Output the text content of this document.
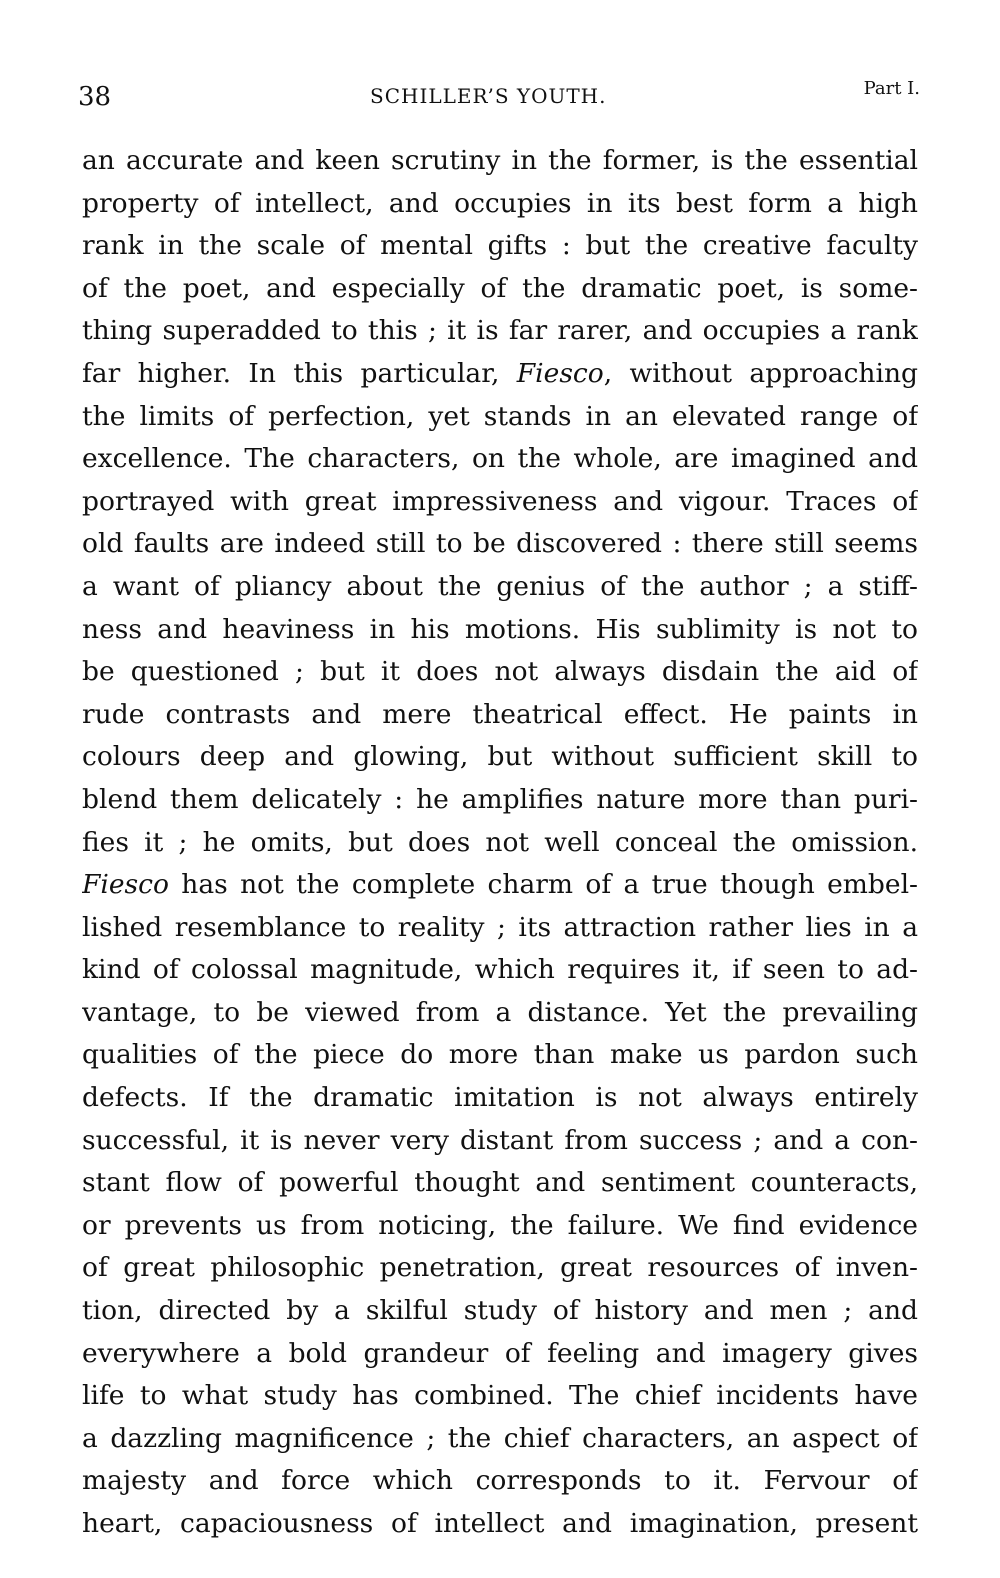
38	SCHILLER’S YOUTH.	Part I.
an accurate and keen scrutiny in the former, is the essential
property of intellect, and occupies in its best form a high
rank in the scale of mental gifts : but the creative faculty
of the poet, and especially of the dramatic poet, is some-
thing superadded to this ; it is far rarer, and occupies a rank
far higher. In this particular, Fiesco, without approaching
the limits of perfection, yet stands in an elevated range of
excellence. The characters, on the whole, are imagined and
portrayed with great impressiveness and vigour. Traces of
old faults are indeed still to be discovered : there still seems
a want of pliancy about the genius of the author ; a stiff-
ness and heaviness in his motions. His sublimity is not to
be questioned ; but it does not always disdain the aid of
rude contrasts and mere theatrical effect. He paints in
colours deep and glowing, but without sufficient skill to
blend them delicately : he amplifies nature more than puri-
fies it ; he omits, but does not well conceal the omission.
Fiesco has not the complete charm of a true though embel-
lished resemblance to reality ; its attraction rather lies in a
kind of colossal magnitude, which requires it, if seen to ad-
vantage, to be viewed from a distance. Yet the prevailing
qualities of the piece do more than make us pardon such
defects. If the dramatic imitation is not always entirely
successful, it is never very distant from success ; and a con-
stant flow of powerful thought and sentiment counteracts,
or prevents us from noticing, the failure. We find evidence
of great philosophic penetration, great resources of inven-
tion, directed by a skilful study of history and men ; and
everywhere a bold grandeur of feeling and imagery gives
life to what study has combined. The chief incidents have
a dazzling magnificence ; the chief characters, an aspect of
majesty and force which corresponds to it. Fervour of
heart, capaciousness of intellect and imagination, present
